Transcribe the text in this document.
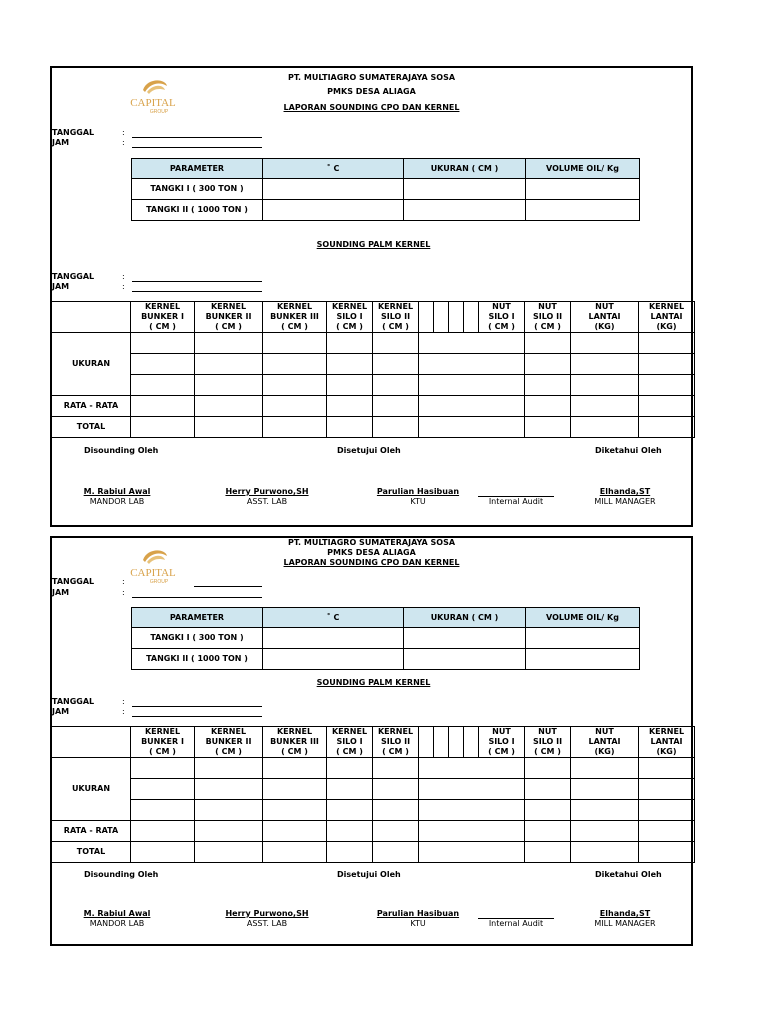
PT. MULTIAGRO SUMATERAJAYA SOSA
PMKS DESA ALIAGA
LAPORAN SOUNDING CPO DAN KERNEL
CAPITAL
GROUP
TANGGAL	:
JAM	:
PARAMETER	˚ C	UKURAN ( CM )	VOLUME OIL/ Kg
TANGKI I ( 300 TON )			
TANGKI II ( 1000 TON )			
SOUNDING PALM KERNEL
TANGGAL	:
JAM	:
	KERNEL
BUNKER I
( CM )	KERNEL
BUNKER II
( CM )	KERNEL
BUNKER III
( CM )	KERNEL
SILO I
( CM )	KERNEL
SILO II
( CM )					NUT
SILO I
( CM )	NUT
SILO II
( CM )	NUT
LANTAI
(KG)	KERNEL
LANTAI
(KG)
UKURAN													

RATA - RATA													
TOTAL													
Disounding Oleh	Disetujui Oleh	Diketahui Oleh
M. Rabiul Awal
MANDOR LAB
Herry Purwono,SH
ASST. LAB
Parulian Hasibuan
KTU	Internal Audit
Elhanda,ST
MILL MANAGER
PT. MULTIAGRO SUMATERAJAYA SOSA
PMKS DESA ALIAGA
LAPORAN SOUNDING CPO DAN KERNEL
CAPITAL
GROUP
TANGGAL	:
JAM	:
PARAMETER	˚ C	UKURAN ( CM )	VOLUME OIL/ Kg
TANGKI I ( 300 TON )			
TANGKI II ( 1000 TON )			
SOUNDING PALM KERNEL
TANGGAL	:
JAM	:
	KERNEL
BUNKER I
( CM )	KERNEL
BUNKER II
( CM )	KERNEL
BUNKER III
( CM )	KERNEL
SILO I
( CM )	KERNEL
SILO II
( CM )					NUT
SILO I
( CM )	NUT
SILO II
( CM )	NUT
LANTAI
(KG)	KERNEL
LANTAI
(KG)
UKURAN													

RATA - RATA													
TOTAL													
Disounding Oleh	Disetujui Oleh	Diketahui Oleh
M. Rabiul Awal
MANDOR LAB
Herry Purwono,SH
ASST. LAB
Parulian Hasibuan
KTU	Internal Audit
Elhanda,ST
MILL MANAGER
